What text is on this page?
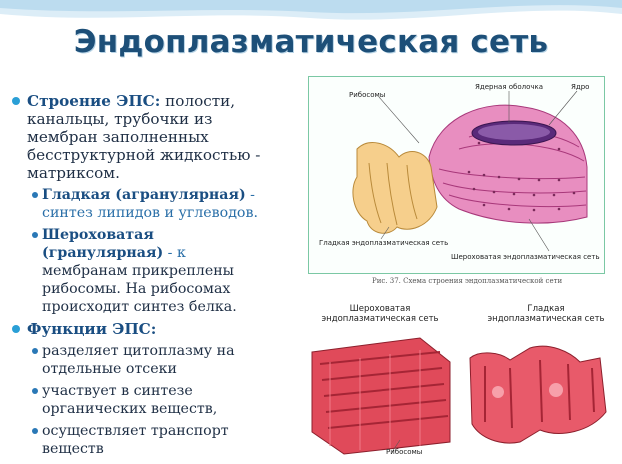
Эндоплазматическая сеть
Строение ЭПС: полости,
канальцы, трубочки из
мембран заполненных
бесструктурной жидкостью -
матриксом.
Гладкая (агранулярная) -
синтез липидов и углеводов.
Шероховатая
(гранулярная) - к
мембранам прикреплены
рибосомы. На рибосомах
происходит синтез белка.
Функции ЭПС:
разделяет цитоплазму на
отдельные отсеки
участвует в синтезе
органических веществ,
осуществляет транспорт
веществ
Рибосомы
Ядерная оболочка	Ядро
Гладкая эндоплазматическая сеть
Шероховатая эндоплазматическая сеть
Рис. 37. Схема строения эндоплазматической сети
Шероховатая
эндоплазматическая сеть
Гладкая
эндоплазматическая сеть
Рибосомы
